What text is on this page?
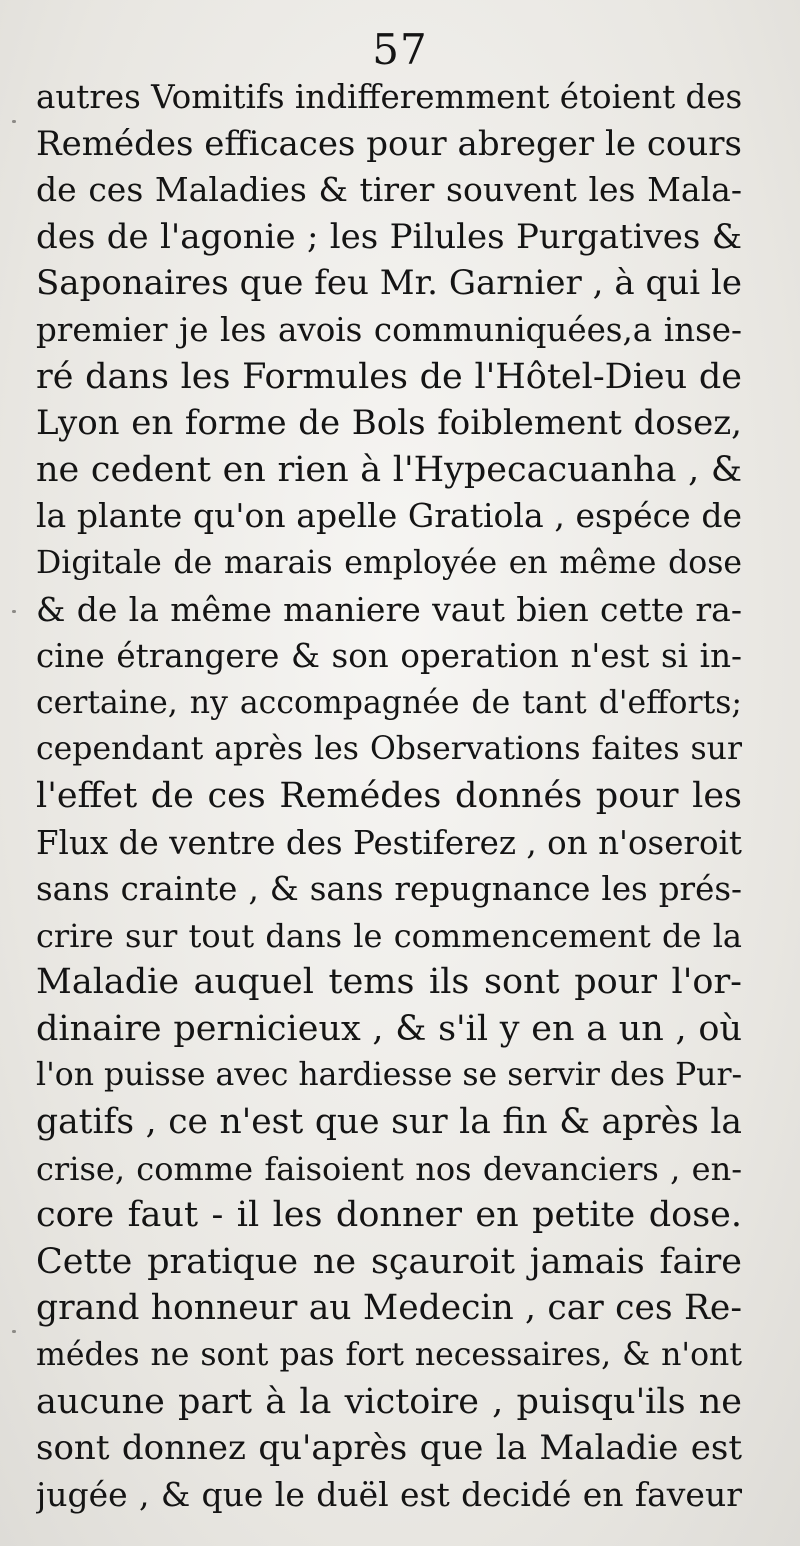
57
autres Vomitifs indifferemment étoient des
Remédes efficaces pour abreger le cours
de ces Maladies & tirer souvent les Mala-
des de l'agonie ; les Pilules Purgatives &
Saponaires que feu Mr. Garnier , à qui le
premier je les avois communiquées,a inse-
ré dans les Formules de l'Hôtel-Dieu de
Lyon en forme de Bols foiblement dosez,
ne cedent en rien à l'Hypecacuanha , &
la plante qu'on apelle Gratiola , espéce de
Digitale de marais employée en même dose
& de la même maniere vaut bien cette ra-
cine étrangere & son operation n'est si in-
certaine, ny accompagnée de tant d'efforts;
cependant après les Observations faites sur
l'effet de ces Remédes donnés pour les
Flux de ventre des Pestiferez , on n'oseroit
sans crainte , & sans repugnance les prés-
crire sur tout dans le commencement de la
Maladie auquel tems ils sont pour l'or-
dinaire pernicieux , & s'il y en a un , où
l'on puisse avec hardiesse se servir des Pur-
gatifs , ce n'est que sur la fin & après la
crise, comme faisoient nos devanciers , en-
core faut - il les donner en petite dose.
Cette pratique ne sçauroit jamais faire
grand honneur au Medecin , car ces Re-
médes ne sont pas fort necessaires, & n'ont
aucune part à la victoire , puisqu'ils ne
sont donnez qu'après que la Maladie est
jugée , & que le duël est decidé en faveur
